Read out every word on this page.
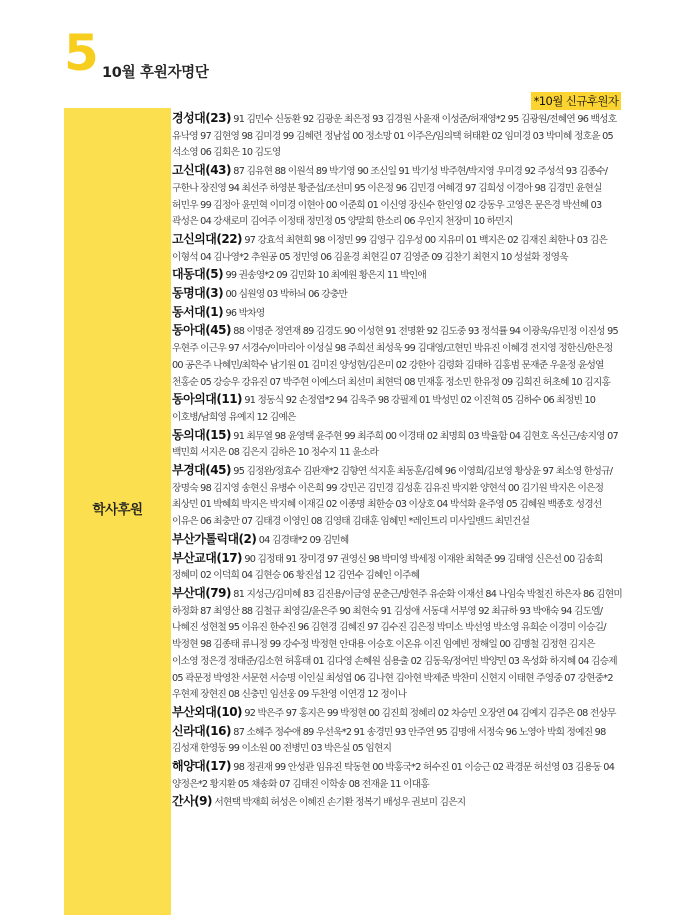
5 10월 후원자명단
*10월 신규후원자
학사후원
경성대(23) 91 김민수 신동환 92 김광운 최은정 93 김경원 사윤재 이성준/허재영*2 95 김광원/전혜연 96 백성호 유낙영 97 김현영 98 김미경 99 김혜련 정남섭 00 정소망 01 이주은/임의택 허태환 02 임미경 03 박미혜 정호윤 05 석소영 06 김회은 10 김도영
고신대(43) 87 김유현 88 이원석 89 박기영 90 조신일 91 박기성 박주현/박지영 우미경 92 주성석 93 김종수/구한나 장진영 94 최선주 하영분 황준섭/조선미 95 이은정 96 김민경 여혜경 97 김희성 이경아 98 김경민 윤현실 허민우 99 김정아 윤민혁 이미경 이현아 00 이준희 01 이신영 장신수 한인영 02 강동우 고영은 문은경 박선혜 03 곽성은 04 강새로미 김여주 이정태 정민정 05 양말희 한소리 06 우인지 천장미 10 하민지
고신의대(22) 97 강효석 최현희 98 이정민 99 김영구 김우성 00 지유미 01 백지은 02 김재진 최한나 03 김은 이형석 04 김나영*2 추원공 05 정민영 06 김윤경 최현길 07 김영준 09 김찬기 최현지 10 성설화 정영욱
대동대(5) 99 권송영*2 09 김민화 10 최예원 황은지 11 박인애
동명대(3) 00 심원영 03 박하늬 06 강충만
동서대(1) 96 박차영
동아대(45) 88 이명준 정연재 89 김경도 90 이성현 91 전명환 92 김도중 93 정석률 94 이광욱/유민정 이진성 95 우현주 이근우 97 서경수/이마리아 이성실 98 주희선 최성욱 99 김대영/고현민 박유진 이혜경 전지영 정한신/한은정 00 공은주 나혜민/최학수 남기원 01 김미진 양성현/김은미 02 강한아 김령화 김태하 김홍범 문재준 우윤정 윤성열 천홍순 05 강승우 강유진 07 박주현 이예스더 최선미 최현덕 08 민재홍 정소민 한유정 09 김희진 허초혜 10 김지홍
동아의대(11) 91 정동식 92 손정엽*2 94 김욱주 98 강필제 01 박성민 02 이진혁 05 김하수 06 최정빈 10 이호병/남희영 유예지 12 김예은
동의대(15) 91 최무열 98 윤영택 윤주현 99 최주희 00 이경태 02 최명희 03 박율함 04 김현호 옥신근/송지영 07 백민희 서지은 08 김은지 김하은 10 정수지 11 윤소라
부경대(45) 95 김정완/정효수 김판재*2 김향연 석지훈 최동훈/김혜 96 이영희/김보영 황상윤 97 최소영 한성규/장명숙 98 김지영 송현신 유병수 이은희 99 강민곤 김민경 김성훈 김유진 박지환 양현석 00 김기원 박지은 이은정 최상민 01 박혜희 박지은 박지혜 이재길 02 이종명 최한승 03 이상호 04 박석화 윤주영 05 김혜원 백종호 성경선 이유은 06 최충만 07 김태경 이영인 08 김영태 김태훈 임혜민 *레인트리 미사일밴드 최민건설
부산가톨릭대(2) 04 김경태*2 09 김민혜
부산교대(17) 90 김정태 91 장미경 97 권영신 98 박미영 박세정 이재완 최혁준 99 김태영 신은선 00 김송희 정혜미 02 이덕희 04 김현승 06 황진섭 12 김연수 김혜인 이주혜
부산대(79) 81 지성근/김미혜 83 김진용/이금영 문춘근/방현주 유순화 이재선 84 나임숙 박철진 하은자 86 김현미 하정화 87 최영산 88 김철규 최영길/윤은주 90 최현숙 91 김성애 서동대 서부영 92 최규하 93 박애숙 94 김도엘/나혜진 성현철 95 이유진 한수진 96 김현경 김혜진 97 김수진 김은정 박미소 박선영 박소영 유희순 이경미 이승길/박정현 98 김종태 류니정 99 강수정 박정현 안대용 이승호 이온유 이진 임예빈 정해일 00 김맹철 김정현 김지은 이소영 정은경 정태준/김소현 허홍태 01 김다영 손혜원 심용출 02 김동욱/정여민 박양민 03 옥성화 하지혜 04 김승제 05 곽문정 박영찬 서문현 서승명 이인실 최성엽 06 김나현 김아현 박제준 박찬미 신현지 이태현 주영중 07 강현중*2 우현제 장현진 08 신충민 임선웅 09 두찬영 이연경 12 정이나
부산외대(10) 92 박은주 97 홍지은 99 박정현 00 김진희 정혜리 02 차승민 오장연 04 김예지 김주은 08 전상무
신라대(16) 87 소해주 정수애 89 우선욱*2 91 송경민 93 안주연 95 김명애 서정숙 96 노영아 박희 정예진 98 김성재 한영동 99 이소원 00 전병민 03 박은실 05 임현지
해양대(17) 98 정권재 99 안성관 임유진 탁동현 00 박홍국*2 허수진 01 이승근 02 곽경문 허선영 03 김용동 04 양정은*2 황지환 05 채송화 07 김태진 이학송 08 전재윤 11 이대홍
간사(9) 서현택 박재희 허성은 이혜진 손기환 정복기 배성우 권보미 김은지
